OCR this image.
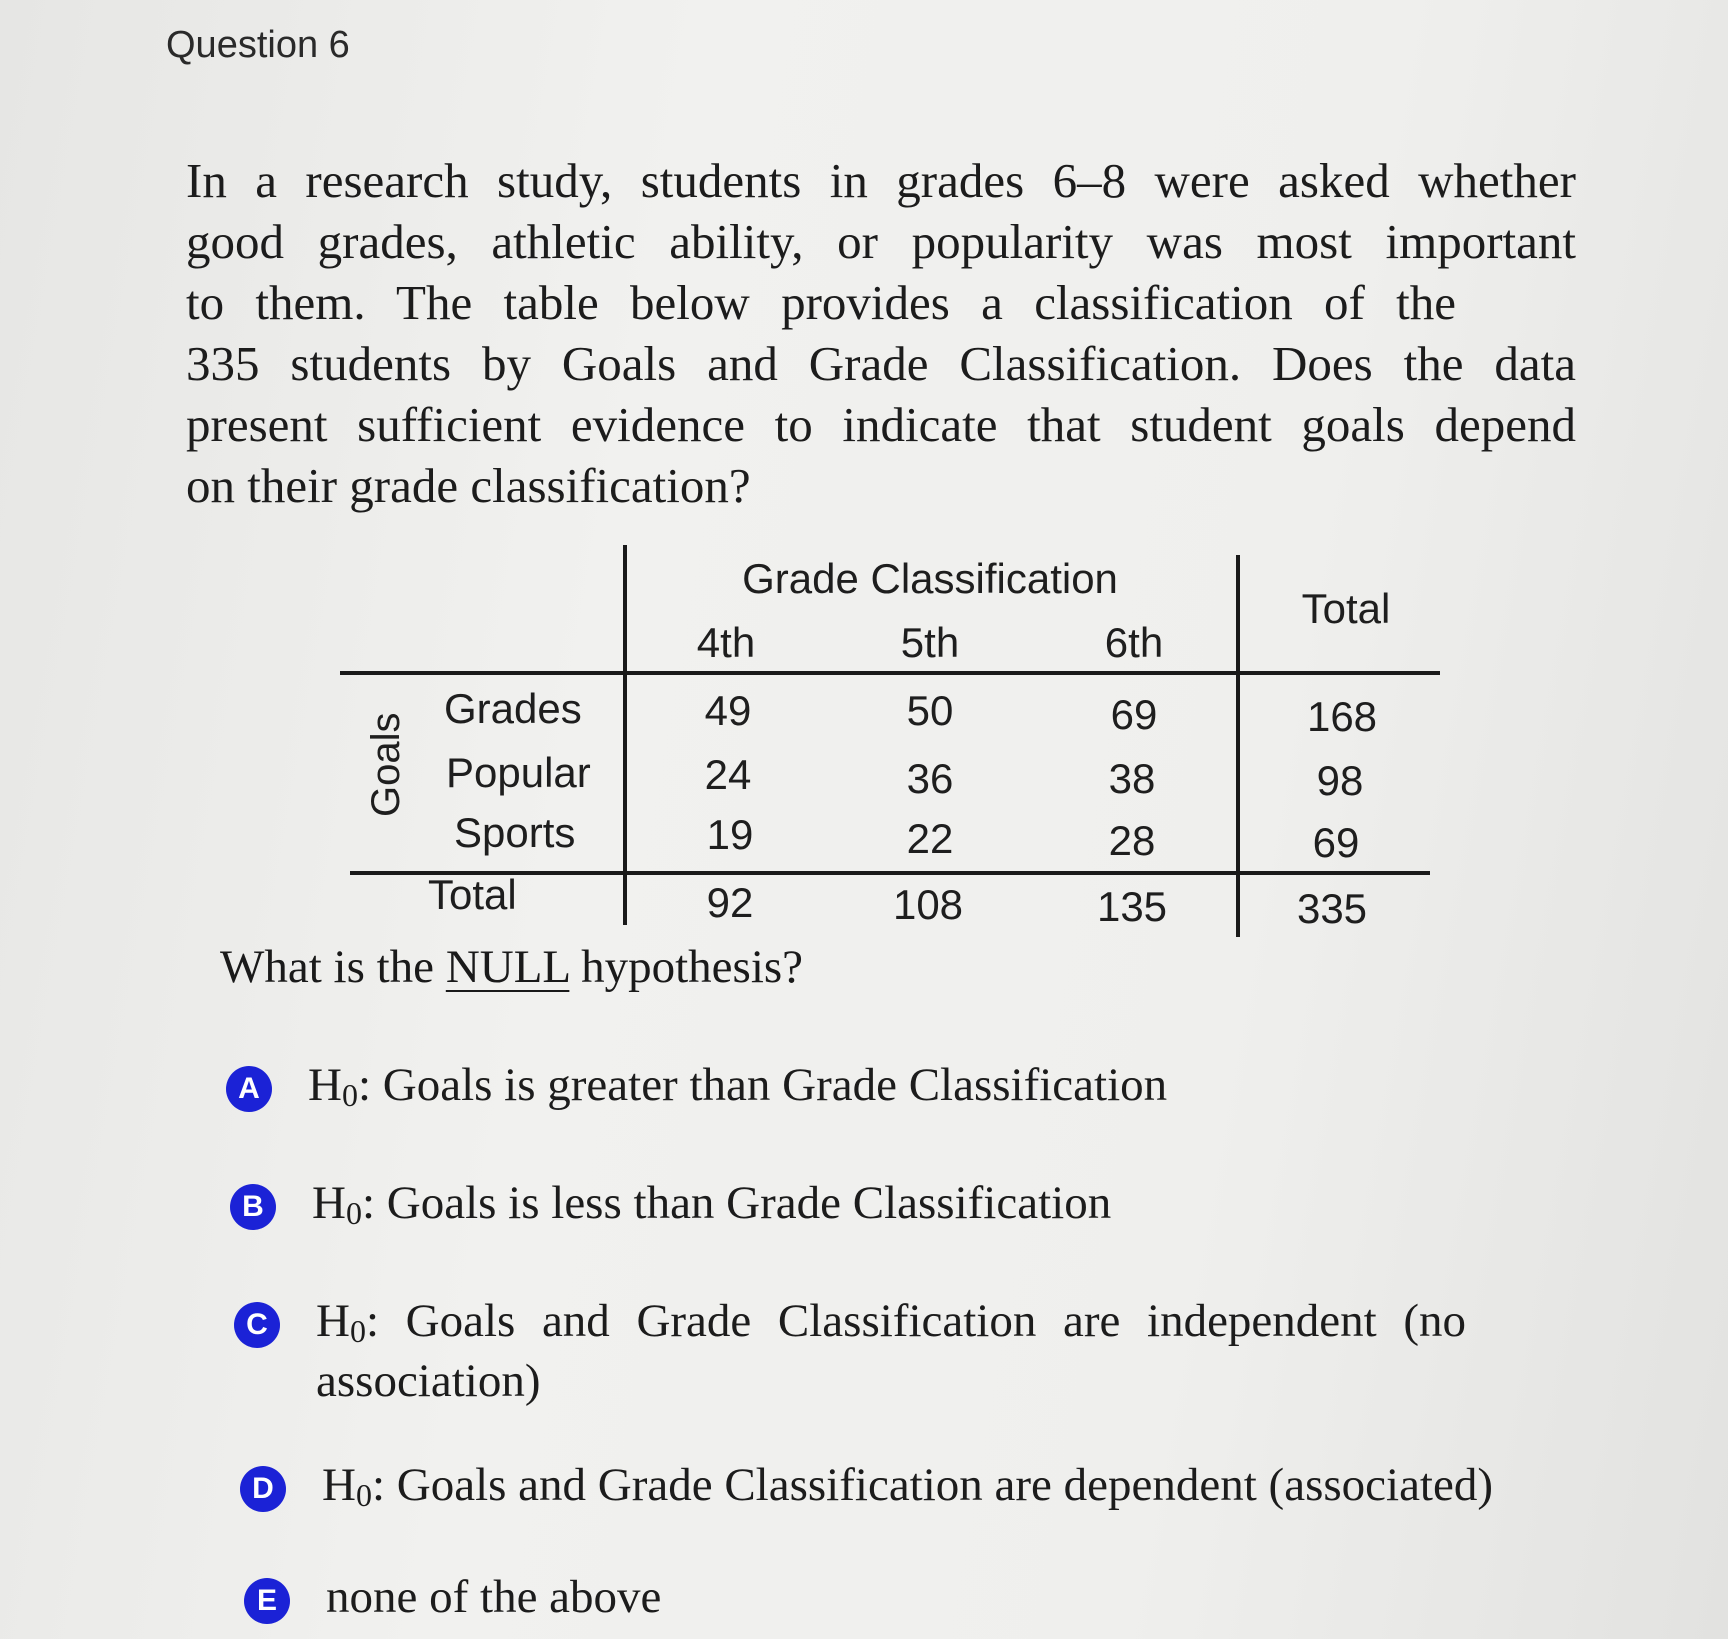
Question 6
In a research study, students in grades 6–8 were asked whether
good grades, athletic ability, or popularity was most important
to them. The table below provides a classification of the
335 students by Goals and Grade Classification. Does the data
present sufficient evidence to indicate that student goals depend
on their grade classification?
Grade Classification
Total
4th	5th	6th
Goals
Grades	49	50	69	168
Popular	24	36	38	98
Sports	19	22	28	69
Total	92	108	135	335
What is the NULL hypothesis?
A $H_0$: Goals is greater than Grade Classification
B $H_0$: Goals is less than Grade Classification
C $H_0$: Goals and Grade Classification are independent (no association)
D $H_0$: Goals and Grade Classification are dependent (associated)
E none of the above
